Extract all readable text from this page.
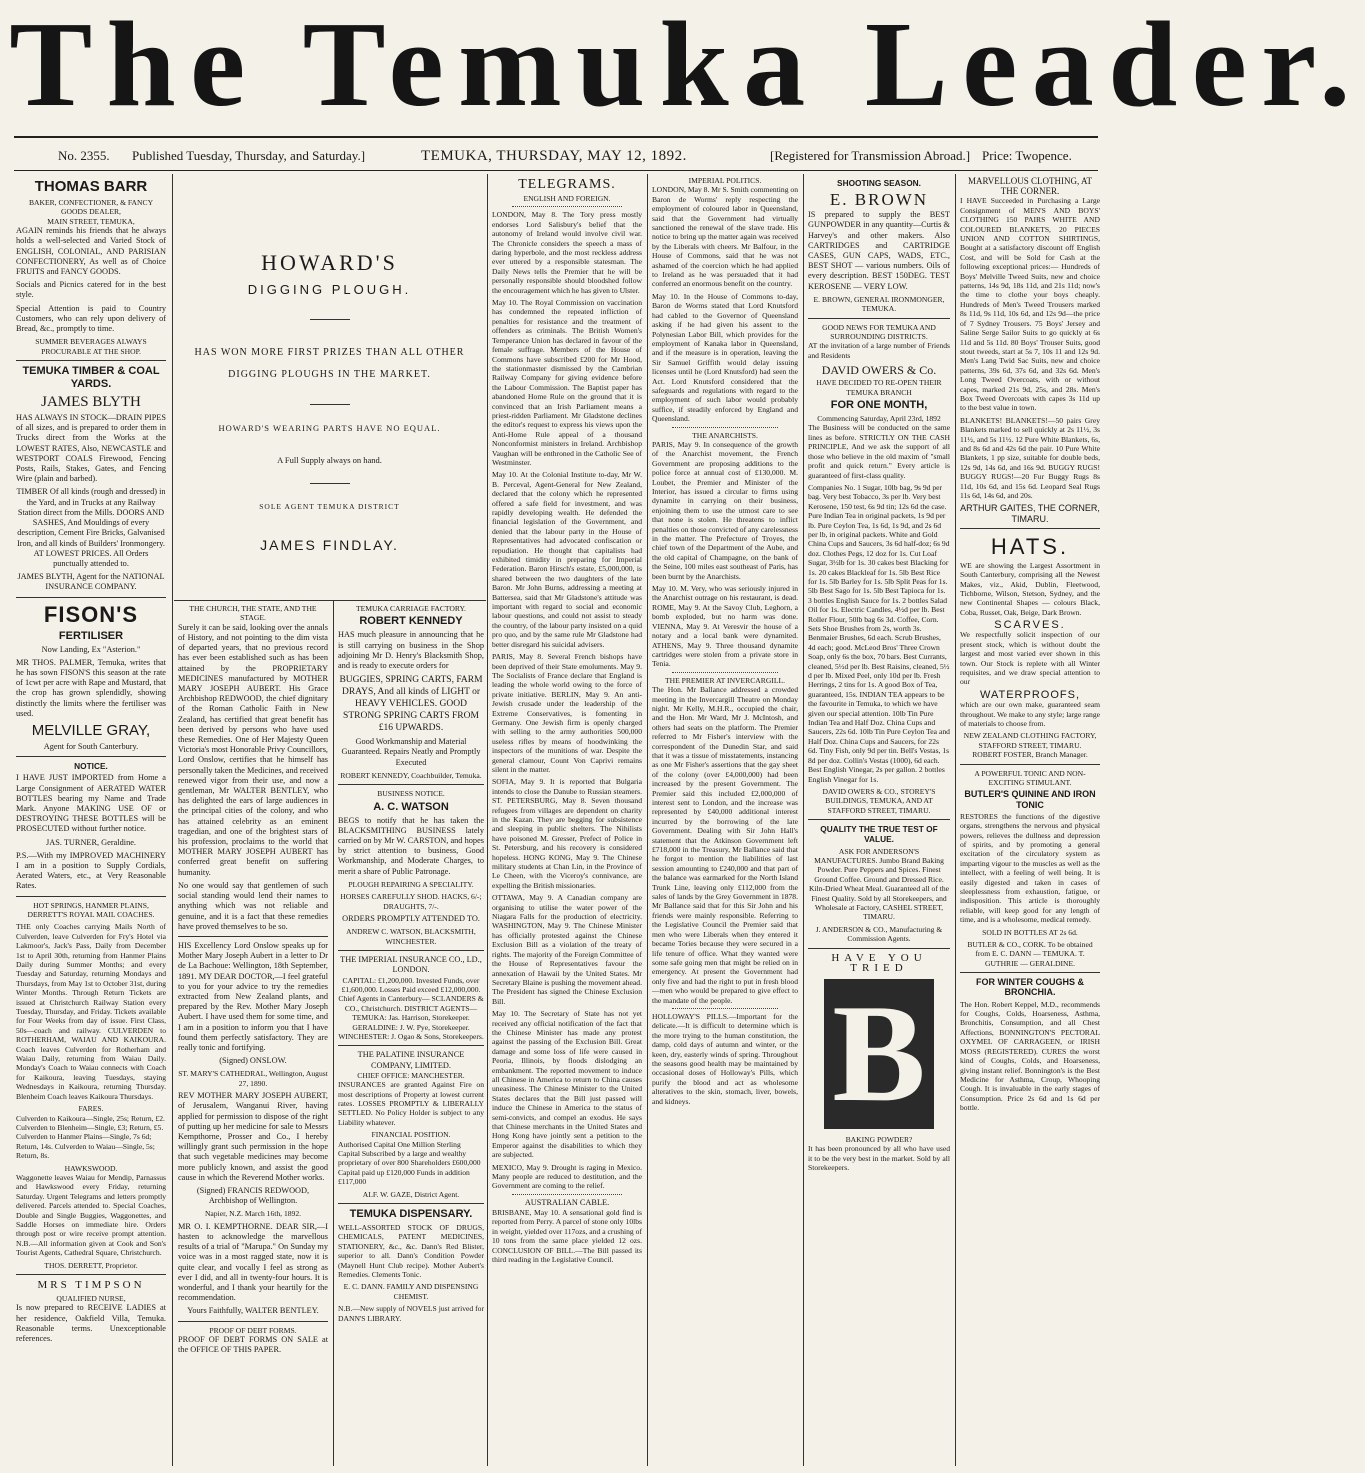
The Temuka Leader.
No. 2355. Published Tuesday, Thursday, and Saturday.]	TEMUKA, THURSDAY, MAY 12, 1892.	[Registered for Transmission Abroad.] Price: Twopence.
THOMAS BARR
BAKER, CONFECTIONER, & FANCY GOODS DEALER,
MAIN STREET, TEMUKA,

AGAIN reminds his friends that he always holds a well-selected and Varied Stock of ENGLISH, COLONIAL, AND PARISIAN CONFECTIONERY, As well as of Choice FRUITS and FANCY GOODS.

Socials and Picnics catered for in the best style.

Special Attention is paid to Country Customers, who can rely upon delivery of Bread, &c., promptly to time.

SUMMER BEVERAGES ALWAYS PROCURABLE AT THE SHOP.

TEMUKA TIMBER & COAL YARDS.
JAMES BLYTH

HAS ALWAYS IN STOCK—DRAIN PIPES of all sizes, and is prepared to order them in Trucks direct from the Works at the LOWEST RATES, Also, NEWCASTLE and WESTPORT COALS Firewood, Fencing Posts, Rails, Stakes, Gates, and Fencing Wire (plain and barbed).

TIMBER Of all kinds (rough and dressed) in the Yard, and in Trucks at any Railway Station direct from the Mills. DOORS AND SASHES, And Mouldings of every description, Cement Fire Bricks, Galvanised Iron, and all kinds of Builders' Ironmongery. AT LOWEST PRICES. All Orders punctually attended to.

JAMES BLYTH, Agent for the NATIONAL INSURANCE COMPANY.

FISON'S
FERTILISER

Now Landing, Ex "Asterion."

MR THOS. PALMER, Temuka, writes that he has sown FISON'S this season at the rate of 1cwt per acre with Rape and Mustard, that the crop has grown splendidly, showing distinctly the limits where the fertiliser was used.

MELVILLE GRAY,

Agent for South Canterbury.

NOTICE.

I HAVE JUST IMPORTED from Home a Large Consignment of AERATED WATER BOTTLES bearing my Name and Trade Mark. Anyone MAKING USE OF or DESTROYING THESE BOTTLES will be PROSECUTED without further notice.

JAS. TURNER, Geraldine.

P.S.—With my IMPROVED MACHINERY I am in a position to Supply Cordials, Aerated Waters, etc., at Very Reasonable Rates.

HOT SPRINGS, HANMER PLAINS, DERRETT'S ROYAL MAIL COACHES.

THE only Coaches carrying Mails North of Culverden, leave Culverden for Fry's Hotel via Lakmoor's, Jack's Pass, Daily from December 1st to April 30th, returning from Hanmer Plains Daily during Summer Months; and every Tuesday and Saturday, returning Mondays and Thursdays, from May 1st to October 31st, during Winter Months. Through Return Tickets are issued at Christchurch Railway Station every Tuesday, Thursday, and Friday. Tickets available for Four Weeks from day of issue. First Class, 50s—coach and railway. CULVERDEN to ROTHERHAM, WAIAU AND KAIKOURA. Coach leaves Culverden for Rotherham and Waiau Daily, returning from Waiau Daily. Monday's Coach to Waiau connects with Coach for Kaikoura, leaving Tuesdays, staying Wednesdays in Kaikoura, returning Thursday. Blenheim Coach leaves Kaikoura Thursdays.

FARES.

Culverden to Kaikoura—Single, 25s; Return, £2. Culverden to Blenheim—Single, £3; Return, £5. Culverden to Hanmer Plains—Single, 7s 6d; Return, 14s. Culverden to Waiau—Single, 5s; Return, 8s.

HAWKSWOOD.

Waggonette leaves Waiau for Mendip, Parnassus and Hawkswood every Friday, returning Saturday. Urgent Telegrams and letters promptly delivered. Parcels attended to. Special Coaches, Double and Single Buggies, Waggonettes, and Saddle Horses on immediate hire. Orders through post or wire receive prompt attention. N.B.—All information given at Cook and Son's Tourist Agents, Cathedral Square, Christchurch.

THOS. DERRETT, Proprietor.

MRS TIMPSON
QUALIFIED NURSE,

Is now prepared to RECEIVE LADIES at her residence, Oakfield Villa, Temuka. Reasonable terms. Unexceptionable references.

HOWARD'S
DIGGING PLOUGH.
HAS WON MORE FIRST PRIZES THAN ALL OTHER DIGGING PLOUGHS IN THE MARKET.
HOWARD'S WEARING PARTS HAVE NO EQUAL.
A Full Supply always on hand.
SOLE AGENT TEMUKA DISTRICT
JAMES FINDLAY.
THE CHURCH, THE STATE, AND THE STAGE.

Surely it can be said, looking over the annals of History, and not pointing to the dim vista of departed years, that no previous record has ever been established such as has been attained by the PROPRIETARY MEDICINES manufactured by MOTHER MARY JOSEPH AUBERT. His Grace Archbishop REDWOOD, the chief dignitary of the Roman Catholic Faith in New Zealand, has certified that great benefit has been derived by persons who have used these Remedies. One of Her Majesty Queen Victoria's most Honorable Privy Councillors, Lord Onslow, certifies that he himself has personally taken the Medicines, and received renewed vigor from their use, and now a gentleman, Mr WALTER BENTLEY, who has delighted the ears of large audiences in the principal cities of the colony, and who has attained celebrity as an eminent tragedian, and one of the brightest stars of his profession, proclaims to the world that MOTHER MARY JOSEPH AUBERT has conferred great benefit on suffering humanity.

No one would say that gentlemen of such social standing would lend their names to anything which was not reliable and genuine, and it is a fact that these remedies have proved themselves to be so.

HIS Excellency Lord Onslow speaks up for Mother Mary Joseph Aubert in a letter to Dr de La Bachoue: Wellington, 18th September, 1891. MY DEAR DOCTOR,—I feel grateful to you for your advice to try the remedies extracted from New Zealand plants, and prepared by the Rev. Mother Mary Joseph Aubert. I have used them for some time, and I am in a position to inform you that I have found them perfectly satisfactory. They are really tonic and fortifying.

(Signed) ONSLOW.

ST. MARY'S CATHEDRAL, Wellington, August 27, 1890.

REV MOTHER MARY JOSEPH AUBERT, of Jerusalem, Wanganui River, having applied for permission to dispose of the right of putting up her medicine for sale to Messrs Kempthorne, Prosser and Co., I hereby willingly grant such permission in the hope that such vegetable medicines may become more publicly known, and assist the good cause in which the Reverend Mother works.

(Signed) FRANCIS REDWOOD, Archbishop of Wellington.

Napier, N.Z. March 16th, 1892.

MR O. I. KEMPTHORNE. DEAR SIR,—I hasten to acknowledge the marvellous results of a trial of "Marupa." On Sunday my voice was in a most ragged state, now it is quite clear, and vocally I feel as strong as ever I did, and all in twenty-four hours. It is wonderful, and I thank your heartily for the recommendation.

Yours Faithfully, WALTER BENTLEY.

PROOF OF DEBT FORMS.

PROOF OF DEBT FORMS ON SALE at the OFFICE OF THIS PAPER.

TEMUKA CARRIAGE FACTORY.
ROBERT KENNEDY

HAS much pleasure in announcing that he is still carrying on business in the Shop adjoining Mr D. Henry's Blacksmith Shop, and is ready to execute orders for

BUGGIES, SPRING CARTS, FARM DRAYS, And all kinds of LIGHT or HEAVY VEHICLES. GOOD STRONG SPRING CARTS FROM £16 UPWARDS.

Good Workmanship and Material Guaranteed. Repairs Neatly and Promptly Executed

ROBERT KENNEDY, Coachbuilder, Temuka.

BUSINESS NOTICE.
A. C. WATSON

BEGS to notify that he has taken the BLACKSMITHING BUSINESS lately carried on by Mr W. CARSTON, and hopes by strict attention to business, Good Workmanship, and Moderate Charges, to merit a share of Public Patronage.

PLOUGH REPAIRING A SPECIALITY.

HORSES CAREFULLY SHOD. HACKS, 6/-; DRAUGHTS, 7/-.

ORDERS PROMPTLY ATTENDED TO.

ANDREW C. WATSON, BLACKSMITH, WINCHESTER.

THE IMPERIAL INSURANCE CO., LD., LONDON.

CAPITAL: £1,200,000. Invested Funds, over £1,600,000. Losses Paid exceed £12,000,000. Chief Agents in Canterbury— SCLANDERS & CO., Christchurch. DISTRICT AGENTS— TEMUKA: Jas. Harrison, Storekeeper. GERALDINE: J. W. Pye, Storekeeper. WINCHESTER: J. Ogao & Sons, Storekeepers.

THE PALATINE INSURANCE COMPANY, LIMITED.
CHIEF OFFICE: MANCHESTER.

INSURANCES are granted Against Fire on most descriptions of Property at lowest current rates. LOSSES PROMPTLY & LIBERALLY SETTLED. No Policy Holder is subject to any Liability whatever.

FINANCIAL POSITION.

Authorised Capital One Million Sterling Capital Subscribed by a large and wealthy proprietary of over 800 Shareholders £600,000 Capital paid up £120,000 Funds in addition £117,000

ALF. W. GAZE, District Agent.

TEMUKA DISPENSARY.

WELL-ASSORTED STOCK OF DRUGS, CHEMICALS, PATENT MEDICINES, STATIONERY, &c., &c. Dann's Red Blister, superior to all. Dann's Condition Powder (Maynell Hunt Club recipe). Mother Aubert's Remedies. Clements Tonic.

E. C. DANN. FAMILY AND DISPENSING CHEMIST.

N.B.—New supply of NOVELS just arrived for DANN'S LIBRARY.

TELEGRAMS.
ENGLISH AND FOREIGN.

LONDON, May 8. The Tory press mostly endorses Lord Salisbury's belief that the autonomy of Ireland would involve civil war. The Chronicle considers the speech a mass of daring hyperbole, and the most reckless address ever uttered by a responsible statesman. The Daily News tells the Premier that he will be personally responsible should bloodshed follow the encouragement which he has given to Ulster.

May 10. The Royal Commission on vaccination has condemned the repeated infliction of penalties for resistance and the treatment of offenders as criminals. The British Women's Temperance Union has declared in favour of the female suffrage. Members of the House of Commons have subscribed £200 for Mr Hood, the stationmaster dismissed by the Cambrian Railway Company for giving evidence before the Labour Commission. The Baptist paper has abandoned Home Rule on the ground that it is convinced that an Irish Parliament means a priest-ridden Parliament. Mr Gladstone declines the editor's request to express his views upon the Anti-Home Rule appeal of a thousand Nonconformist ministers in Ireland. Archbishop Vaughan will be enthroned in the Catholic See of Westminster.

May 10. At the Colonial Institute to-day, Mr W. B. Perceval, Agent-General for New Zealand, declared that the colony which he represented offered a safe field for investment, and was rapidly developing wealth. He defended the financial legislation of the Government, and denied that the labour party in the House of Representatives had advocated confiscation or repudiation. He thought that capitalists had exhibited timidity in preparing for Imperial Federation. Baron Hirsch's estate, £5,000,000, is shared between the two daughters of the late Baron. Mr John Burns, addressing a meeting at Battersea, said that Mr Gladstone's attitude was important with regard to social and economic labour questions, and could not assist to steady the country, of the labour party insisted on a quid pro quo, and by the same rule Mr Gladstone had better disregard his suicidal advisers.

PARIS, May 8. Several French bishops have been deprived of their State emoluments. May 9. The Socialists of France declare that England is leading the whole world owing to the force of private initiative. BERLIN, May 9. An anti-Jewish crusade under the leadership of the Extreme Conservatives, is fomenting in Germany. One Jewish firm is openly charged with selling to the army authorities 500,000 useless rifles by means of hoodwinking the inspectors of the munitions of war. Despite the general clamour, Count Von Caprivi remains silent in the matter.

SOFIA, May 9. It is reported that Bulgaria intends to close the Danube to Russian steamers. ST. PETERSBURG, May 8. Seven thousand refugees from villages are dependent on charity in the Kazan. They are begging for subsistence and sleeping in public shelters. The Nihilists have poisoned M. Gresser, Prefect of Police in St. Petersburg, and his recovery is considered hopeless. HONG KONG, May 9. The Chinese military students at Chan Lin, in the Province of Le Cheen, with the Viceroy's connivance, are expelling the British missionaries.

OTTAWA, May 9. A Canadian company are organising to utilise the water power of the Niagara Falls for the production of electricity. WASHINGTON, May 9. The Chinese Minister has officially protested against the Chinese Exclusion Bill as a violation of the treaty of rights. The majority of the Foreign Committee of the House of Representatives favour the annexation of Hawaii by the United States. Mr Secretary Blaine is pushing the movement ahead. The President has signed the Chinese Exclusion Bill.

May 10. The Secretary of State has not yet received any official notification of the fact that the Chinese Minister has made any protest against the passing of the Exclusion Bill. Great damage and some loss of life were caused in Peoria, Illinois, by floods dislodging an embankment. The reported movement to induce all Chinese in America to return to China causes uneasiness. The Chinese Minister to the United States declares that the Bill just passed will induce the Chinese in America to the status of semi-convicts, and compel an exodus. He says that Chinese merchants in the United States and Hong Kong have jointly sent a petition to the Emperor against the disabilities to which they are subjected.

MEXICO, May 9. Drought is raging in Mexico. Many people are reduced to destitution, and the Government are coming to the relief.

AUSTRALIAN CABLE.

BRISBANE, May 10. A sensational gold find is reported from Perry. A parcel of stone only 10lbs in weight, yielded over 117ozs, and a crushing of 10 tons from the same place yielded 12 ozs. CONCLUSION OF BILL.—The Bill passed its third reading in the Legislative Council.

IMPERIAL POLITICS.

LONDON, May 8. Mr S. Smith commenting on Baron de Worms' reply respecting the employment of coloured labor in Queensland, said that the Government had virtually sanctioned the renewal of the slave trade. His notice to bring up the matter again was received by the Liberals with cheers. Mr Balfour, in the House of Commons, said that he was not ashamed of the coercion which he had applied to Ireland as he was persuaded that it had conferred an enormous benefit on the country.

May 10. In the House of Commons to-day, Baron de Worms stated that Lord Knutsford had cabled to the Governor of Queensland asking if he had given his assent to the Polynesian Labor Bill, which provides for the employment of Kanaka labor in Queensland, and if the measure is in operation, leaving the Sir Samuel Griffith would delay issuing licenses until he (Lord Knutsford) had seen the Act. Lord Knutsford considered that the safeguards and regulations with regard to the employment of such labor would probably suffice, if steadily enforced by England and Queensland.

THE ANARCHISTS.

PARIS, May 9. In consequence of the growth of the Anarchist movement, the French Government are proposing additions to the police force at annual cost of £130,000. M. Loubet, the Premier and Minister of the Interior, has issued a circular to firms using dynamite in carrying on their business, enjoining them to use the utmost care to see that none is stolen. He threatens to inflict penalties on those convicted of any carelessness in the matter. The Prefecture of Troyes, the chief town of the Department of the Aube, and the old capital of Champagne, on the bank of the Seine, 100 miles east southeast of Paris, has been burnt by the Anarchists.

May 10. M. Very, who was seriously injured in the Anarchist outrage on his restaurant, is dead. ROME, May 9. At the Savoy Club, Leghorn, a bomb exploded, but no harm was done. VIENNA, May 9. At Veresvir the house of a notary and a local bank were dynamited. ATHENS, May 9. Three thousand dynamite cartridges were stolen from a private store in Tenia.

THE PREMIER AT INVERCARGILL.

The Hon. Mr Ballance addressed a crowded meeting in the Invercargill Theatre on Monday night. Mr Kelly, M.H.R., occupied the chair, and the Hon. Mr Ward, Mr J. McIntosh, and others had seats on the platform. The Premier referred to Mr Fisher's interview with the correspondent of the Dunedin Star, and said that it was a tissue of misstatements, instancing as one Mr Fisher's assertions that the gay sheet of the colony (over £4,000,000) had been increased by the present Government. The Premier said this included £2,000,000 of interest sent to London, and the increase was represented by £40,000 additional interest incurred by the borrowing of the late Government. Dealing with Sir John Hall's statement that the Atkinson Government left £718,000 in the Treasury, Mr Ballance said that he forgot to mention the liabilities of last session amounting to £240,000 and that part of the balance was earmarked for the North Island Trunk Line, leaving only £112,000 from the sales of lands by the Grey Government in 1878. Mr Ballance said that for this Sir John and his friends were mainly responsible. Referring to the Legislative Council the Premier said that men who were Liberals when they entered it became Tories because they were secured in a life tenure of office. What they wanted were some safe going men that might be relied on in emergency. At present the Government had only five and had the right to put in fresh blood—men who would be prepared to give effect to the mandate of the people.

HOLLOWAY'S PILLS.—Important for the delicate.—It is difficult to determine which is the more trying to the human constitution, the damp, cold days of autumn and winter, or the keen, dry, easterly winds of spring. Throughout the seasons good health may be maintained by occasional doses of Holloway's Pills, which purify the blood and act as wholesome alteratives to the skin, stomach, liver, bowels, and kidneys.

SHOOTING SEASON.
E. BROWN

IS prepared to supply the BEST GUNPOWDER in any quantity—Curtis & Harvey's and other makers. Also CARTRIDGES and CARTRIDGE CASES, GUN CAPS, WADS, ETC., BEST SHOT — various numbers. Oils of every description. BEST 150DEG. TEST KEROSENE — VERY LOW.

E. BROWN, GENERAL IRONMONGER, TEMUKA.

GOOD NEWS FOR TEMUKA AND SURROUNDING DISTRICTS.

AT the invitation of a large number of Friends and Residents

DAVID OWERS & Co.
HAVE DECIDED TO RE-OPEN THEIR TEMUKA BRANCH
FOR ONE MONTH,
Commencing Saturday, April 23rd, 1892

The Business will be conducted on the same lines as before. STRICTLY ON THE CASH PRINCIPLE, And we ask the support of all those who believe in the old maxim of "small profit and quick return." Every article is guaranteed of first-class quality.

Companies No. 1 Sugar, 10lb bag, 9s 9d per bag. Very best Tobacco, 3s per lb. Very best Kerosene, 150 test, 6s 9d tin; 12s 6d the case. Pure Indian Tea in original packets, 1s 9d per lb. Pure Ceylon Tea, 1s 6d, 1s 9d, and 2s 6d per lb, in original packets. White and Gold China Cups and Saucers, 3s 6d half-doz; 6s 9d doz. Clothes Pegs, 12 doz for 1s. Cut Loaf Sugar, 3½lb for 1s. 30 cakes best Blacking for 1s. 20 cakes Blackleaf for 1s. 5lb Best Rice for 1s. 5lb Barley for 1s. 5lb Split Peas for 1s. 5lb Best Sago for 1s. 5lb Best Tapioca for 1s. 3 bottles English Sauce for 1s. 2 bottles Salad Oil for 1s. Electric Candles, 4½d per lb. Best Roller Flour, 50lb bag 6s 3d. Coffee, Corn. Sets Shoe Brushes from 2s, worth 3s. Benmaier Brushes, 6d each. Scrub Brushes, 4d each; good. McLeod Bros' Three Crown Soap, only 6s the box, 70 bars. Best Currants, cleaned, 5½d per lb. Best Raisins, cleaned, 5½ d per lb. Mixed Peel, only 10d per lb. Fresh Herrings, 2 tins for 1s. A good Box of Tea, guaranteed, 15s. INDIAN TEA appears to be the favourite in Temuka, to which we have given our special attention. 10lb Tin Pure Indian Tea and Half Doz. China Cups and Saucers, 22s 6d. 10lb Tin Pure Ceylon Tea and Half Doz. China Cups and Saucers, for 22s 6d. Tiny Fish, only 9d per tin. Bell's Vestas, 1s 8d per doz. Collin's Vestas (1000), 6d each. Best English Vinegar, 2s per gallon. 2 bottles English Vinegar for 1s.

DAVID OWERS & CO., STOREY'S BUILDINGS, TEMUKA, AND AT STAFFORD STREET, TIMARU.

QUALITY THE TRUE TEST OF VALUE.

ASK FOR ANDERSON'S MANUFACTURES. Jumbo Brand Baking Powder. Pure Peppers and Spices. Finest Ground Coffee. Ground and Dressed Rice. Kiln-Dried Wheat Meal. Guaranteed all of the Finest Quality. Sold by all Storekeepers, and Wholesale at Factory, CASHEL STREET, TIMARU.

J. ANDERSON & CO., Manufacturing & Commission Agents.

HAVE YOU TRIED
B
BAKING POWDER?

It has been pronounced by all who have used it to be the very best in the market. Sold by all Storekeepers.

MARVELLOUS CLOTHING, AT THE CORNER.

I HAVE Succeeded in Purchasing a Large Consignment of MEN'S AND BOYS' CLOTHING 150 PAIRS WHITE AND COLOURED BLANKETS, 20 PIECES UNION AND COTTON SHIRTINGS, Bought at a satisfactory discount off English Cost, and will be Sold for Cash at the following exceptional prices:— Hundreds of Boys' Melville Tweed Suits, new and choice patterns, 14s 9d, 18s 11d, and 21s 11d; now's the time to clothe your boys cheaply. Hundreds of Men's Tweed Trousers marked 8s 11d, 9s 11d, 10s 6d, and 12s 9d—the price of 7 Sydney Trousers. 75 Boys' Jersey and Saline Serge Sailor Suits to go quickly at 6s 11d and 5s 11d. 80 Boys' Trouser Suits, good stout tweeds, start at 5s 7, 10s 11 and 12s 9d. Men's Lang Twid Sac Suits, new and choice patterns, 39s 6d, 37s 6d, and 32s 6d. Men's Long Tweed Overcoats, with or without capes, marked 21s 9d, 25s, and 28s. Men's Box Tweed Overcoats with capes 3s 11d up to the best value in town.

BLANKETS! BLANKETS!—50 pairs Grey Blankets marked to sell quickly at 2s 11½, 3s 11½, and 5s 11½. 12 Pure White Blankets, 6s, and 8s 6d and 42s 6d the pair. 10 Pure White Blankets, 1 pp size, suitable for double beds, 12s 9d, 14s 6d, and 16s 9d. BUGGY RUGS! BUGGY RUGS!—20 Fur Buggy Rugs 8s 11d, 10s 6d, and 15s 6d. Leopard Seal Rugs 11s 6d, 14s 6d, and 20s.

ARTHUR GAITES, THE CORNER, TIMARU.
HATS.

WE are showing the Largest Assortment in South Canterbury, comprising all the Newest Makes, viz., Akid, Dublin, Fleetwood, Tichborne, Wilson, Stetson, Sydney, and the new Continental Shapes — colours Black, Coba, Russet, Oak, Beige, Dark Brown.

SCARVES.

We respectfully solicit inspection of our present stock, which is without doubt the largest and most varied ever shown in this town. Our Stock is replete with all Winter requisites, and we draw special attention to our

WATERPROOFS,

which are our own make, guaranteed seam throughout. We make to any style; large range of materials to choose from.

NEW ZEALAND CLOTHING FACTORY,
STAFFORD STREET, TIMARU.
ROBERT FOSTER, Branch Manager.
A POWERFUL TONIC AND NON-EXCITING STIMULANT.
BUTLER'S QUININE AND IRON TONIC

RESTORES the functions of the digestive organs, strengthens the nervous and physical powers, relieves the dullness and depression of spirits, and by promoting a general excitation of the circulatory system as imparting vigour to the muscles as well as the intellect, with a feeling of well being. It is easily digested and taken in cases of sleeplessness from exhaustion, fatigue, or indisposition. This article is thoroughly reliable, will keep good for any length of time, and is a wholesome, medical remedy.

SOLD IN BOTTLES AT 2s 6d.

BUTLER & CO., CORK. To be obtained from E. C. DANN — TEMUKA. T. GUTHRIE — GERALDINE.

FOR WINTER COUGHS & BRONCHIA.

The Hon. Robert Keppel, M.D., recommends for Coughs, Colds, Hoarseness, Asthma, Bronchitis, Consumption, and all Chest Affections, BONNINGTON'S PECTORAL OXYMEL OF CARRAGEEN, or IRISH MOSS (REGISTERED). CURES the worst kind of Coughs, Colds, and Hoarseness, giving instant relief. Bonnington's is the Best Medicine for Asthma, Croup, Whooping Cough. It is invaluable in the early stages of Consumption. Price 2s 6d and 1s 6d per bottle.
